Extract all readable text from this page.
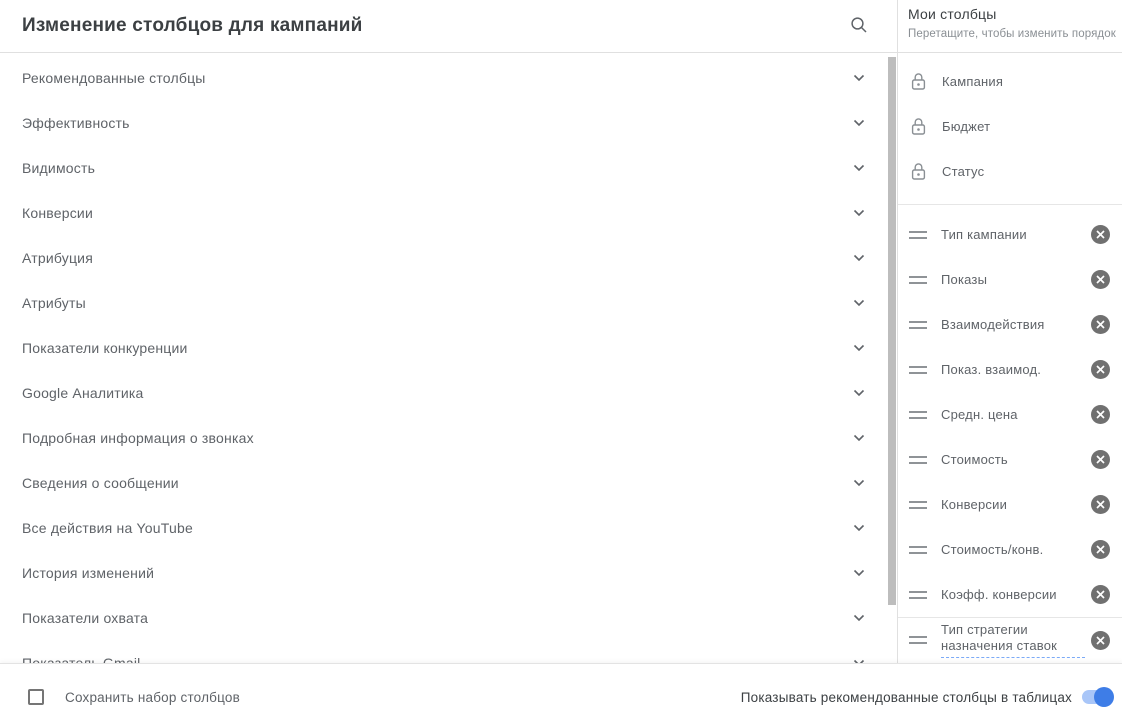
Изменение столбцов для кампаний
Рекомендованные столбцы
Эффективность
Видимость
Конверсии
Атрибуция
Атрибуты
Показатели конкуренции
Google Аналитика
Подробная информация о звонках
Сведения о сообщении
Все действия на YouTube
История изменений
Показатели охвата
Мои столбцы
Перетащите, чтобы изменить порядок
Кампания
Бюджет
Статус
Тип кампании
Показы
Взаимодействия
Показ. взаимод.
Средн. цена
Стоимость
Конверсии
Стоимость/конв.
Коэфф. конверсии
Тип стратегии назначения ставок
Сохранить набор столбцов	Показывать рекомендованные столбцы в таблицах
